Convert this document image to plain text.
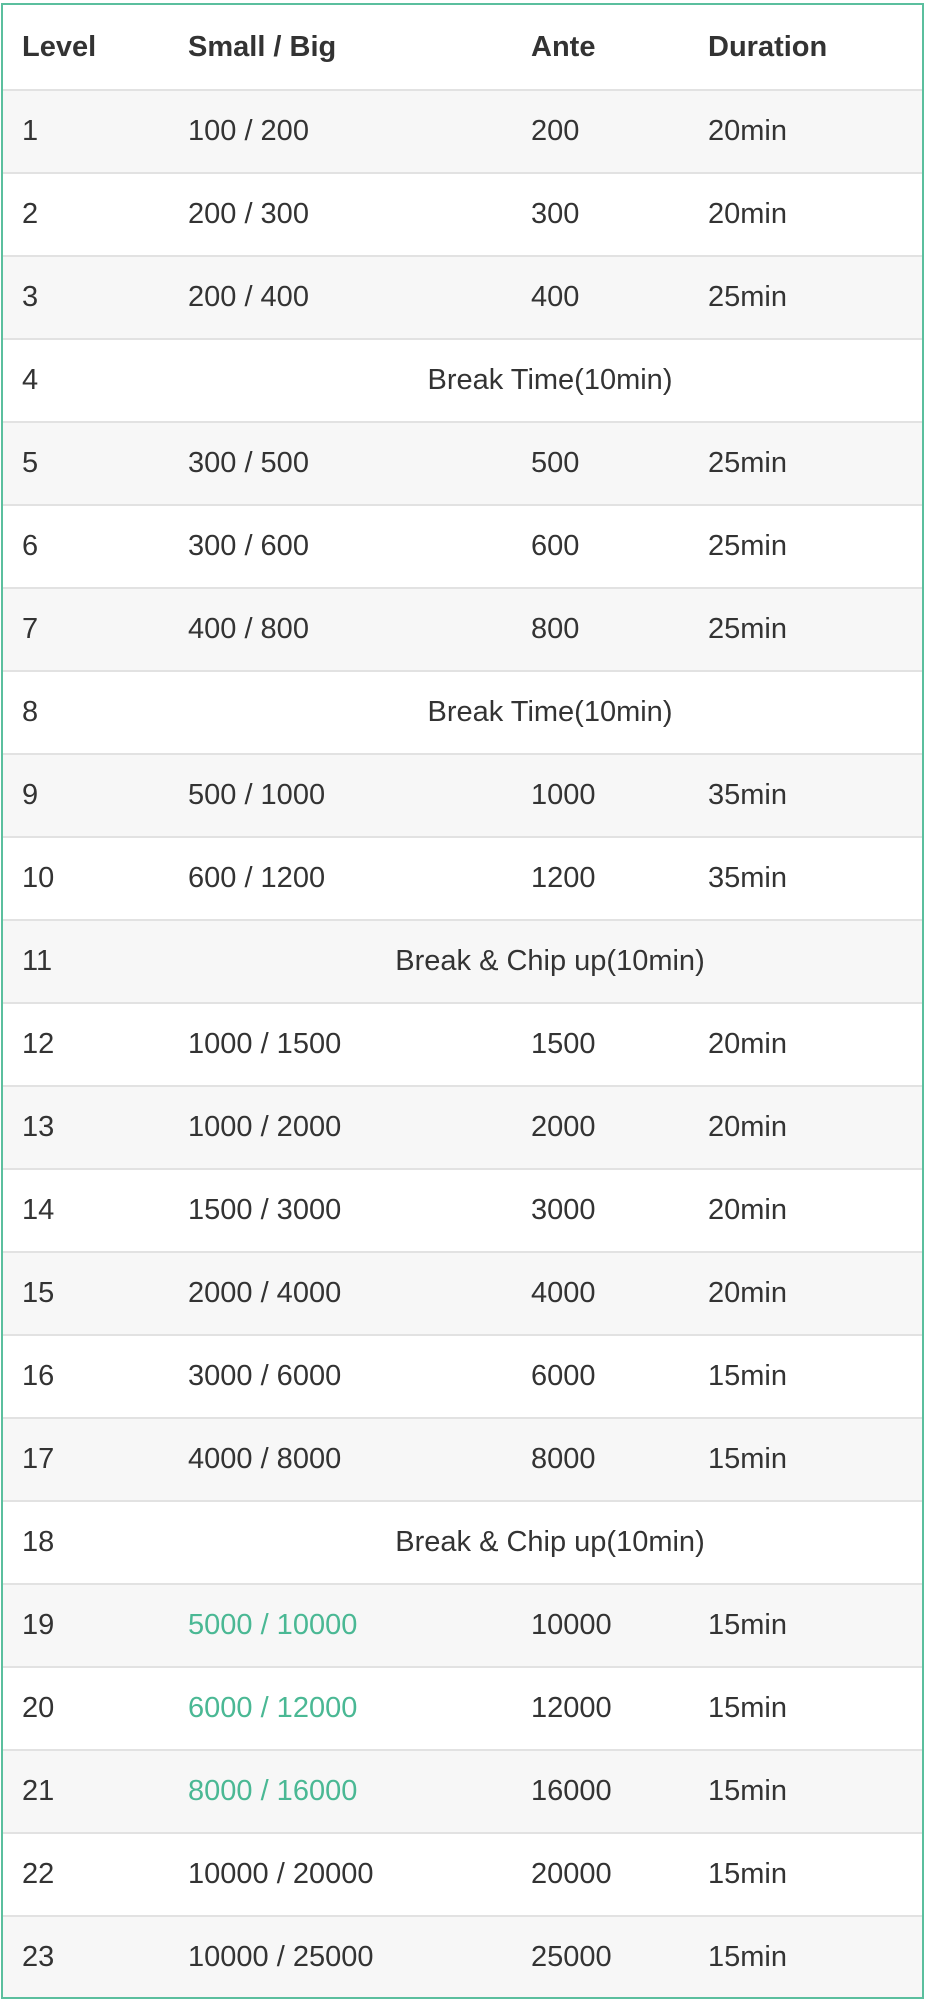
Level	Small / Big	Ante	Duration
1	100 / 200	200	20min
2	200 / 300	300	20min
3	200 / 400	400	25min
4	Break Time(10min)
5	300 / 500	500	25min
6	300 / 600	600	25min
7	400 / 800	800	25min
8	Break Time(10min)
9	500 / 1000	1000	35min
10	600 / 1200	1200	35min
11	Break & Chip up(10min)
12	1000 / 1500	1500	20min
13	1000 / 2000	2000	20min
14	1500 / 3000	3000	20min
15	2000 / 4000	4000	20min
16	3000 / 6000	6000	15min
17	4000 / 8000	8000	15min
18	Break & Chip up(10min)
19	5000 / 10000	10000	15min
20	6000 / 12000	12000	15min
21	8000 / 16000	16000	15min
22	10000 / 20000	20000	15min
23	10000 / 25000	25000	15min
